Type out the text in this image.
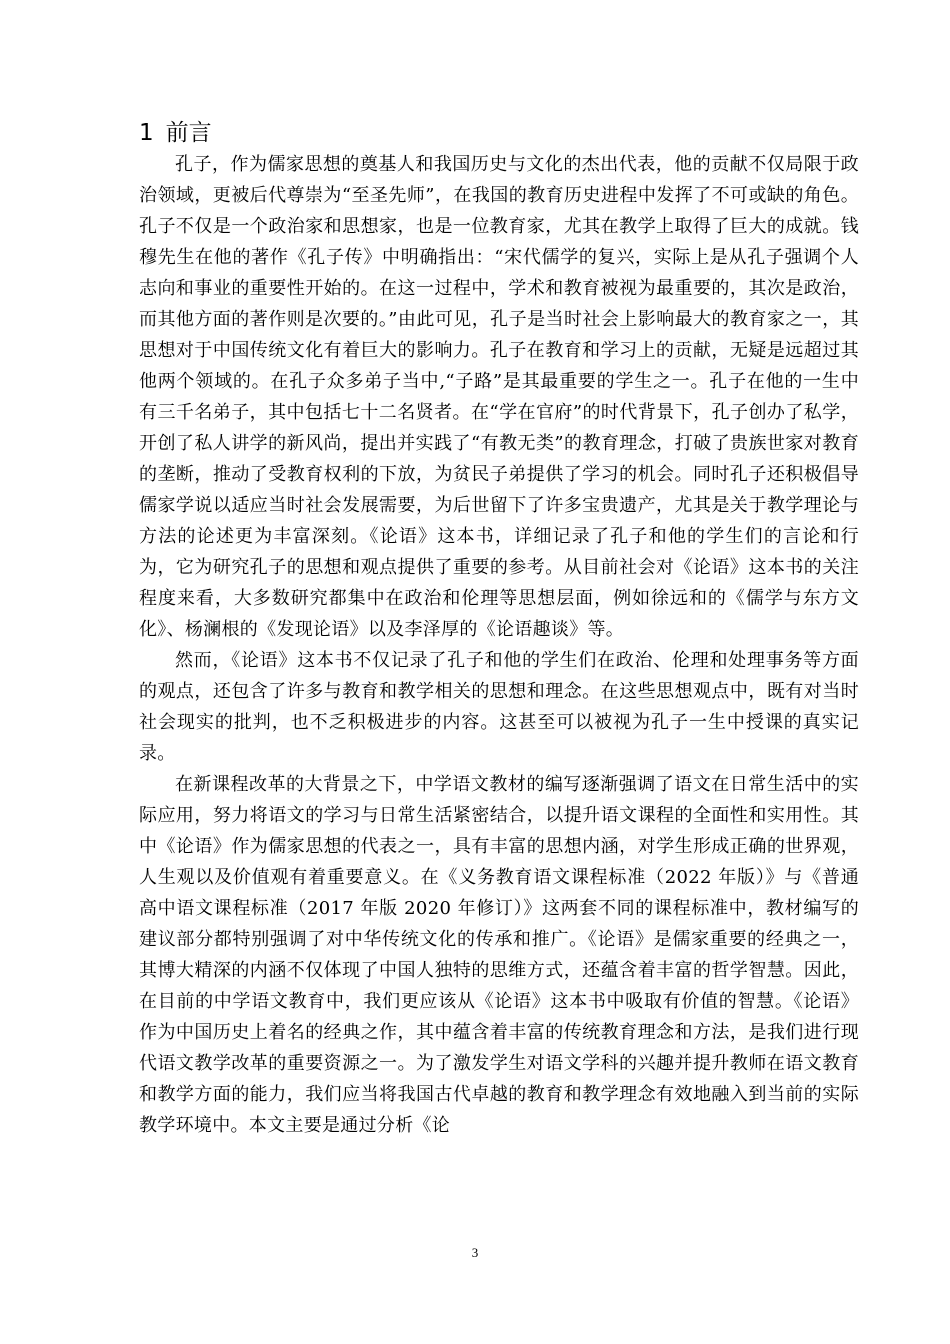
1 前言

孔子，作为儒家思想的奠基人和我国历史与文化的杰出代表，他的贡献不仅局限于政治领域，更被后代尊崇为“至圣先师”，在我国的教育历史进程中发挥了不可或缺的角色。孔子不仅是一个政治家和思想家，也是一位教育家，尤其在教学上取得了巨大的成就。钱穆先生在他的著作《孔子传》中明确指出：“宋代儒学的复兴，实际上是从孔子强调个人志向和事业的重要性开始的。在这一过程中，学术和教育被视为最重要的，其次是政治，而其他方面的著作则是次要的。”由此可见，孔子是当时社会上影响最大的教育家之一，其思想对于中国传统文化有着巨大的影响力。孔子在教育和学习上的贡献，无疑是远超过其他两个领域的。在孔子众多弟子当中,“子路”是其最重要的学生之一。孔子在他的一生中有三千名弟子，其中包括七十二名贤者。在“学在官府”的时代背景下，孔子创办了私学，开创了私人讲学的新风尚，提出并实践了“有教无类”的教育理念，打破了贵族世家对教育的垄断，推动了受教育权利的下放，为贫民子弟提供了学习的机会。同时孔子还积极倡导儒家学说以适应当时社会发展需要，为后世留下了许多宝贵遗产，尤其是关于教学理论与方法的论述更为丰富深刻。《论语》这本书，详细记录了孔子和他的学生们的言论和行为，它为研究孔子的思想和观点提供了重要的参考。从目前社会对《论语》这本书的关注程度来看，大多数研究都集中在政治和伦理等思想层面，例如徐远和的《儒学与东方文化》、杨澜根的《发现论语》以及李泽厚的《论语趣谈》等。

然而，《论语》这本书不仅记录了孔子和他的学生们在政治、伦理和处理事务等方面的观点，还包含了许多与教育和教学相关的思想和理念。在这些思想观点中，既有对当时社会现实的批判，也不乏积极进步的内容。这甚至可以被视为孔子一生中授课的真实记录。

在新课程改革的大背景之下，中学语文教材的编写逐渐强调了语文在日常生活中的实际应用，努力将语文的学习与日常生活紧密结合，以提升语文课程的全面性和实用性。其中《论语》作为儒家思想的代表之一，具有丰富的思想内涵，对学生形成正确的世界观，人生观以及价值观有着重要意义。在《义务教育语文课程标准（2022 年版）》与《普通高中语文课程标准（2017 年版 2020 年修订）》这两套不同的课程标准中，教材编写的建议部分都特别强调了对中华传统文化的传承和推广。《论语》是儒家重要的经典之一，其博大精深的内涵不仅体现了中国人独特的思维方式，还蕴含着丰富的哲学智慧。因此，在目前的中学语文教育中，我们更应该从《论语》这本书中吸取有价值的智慧。《论语》作为中国历史上着名的经典之作，其中蕴含着丰富的传统教育理念和方法，是我们进行现代语文教学改革的重要资源之一。为了激发学生对语文学科的兴趣并提升教师在语文教育和教学方面的能力，我们应当将我国古代卓越的教育和教学理念有效地融入到当前的实际教学环境中。本文主要是通过分析《论

3
